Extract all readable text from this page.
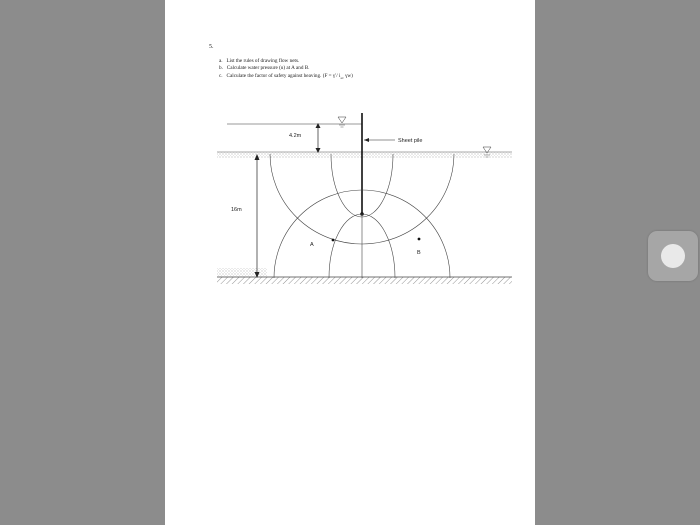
5.
a. List the rules of drawing flow nets.
b. Calculate water pressure (u) at A and B.
c. Calculate the factor of safety against heaving. (F = γ′/ $i_{av}$ γw)
4.2m
16m
Sheet pile
A
B
